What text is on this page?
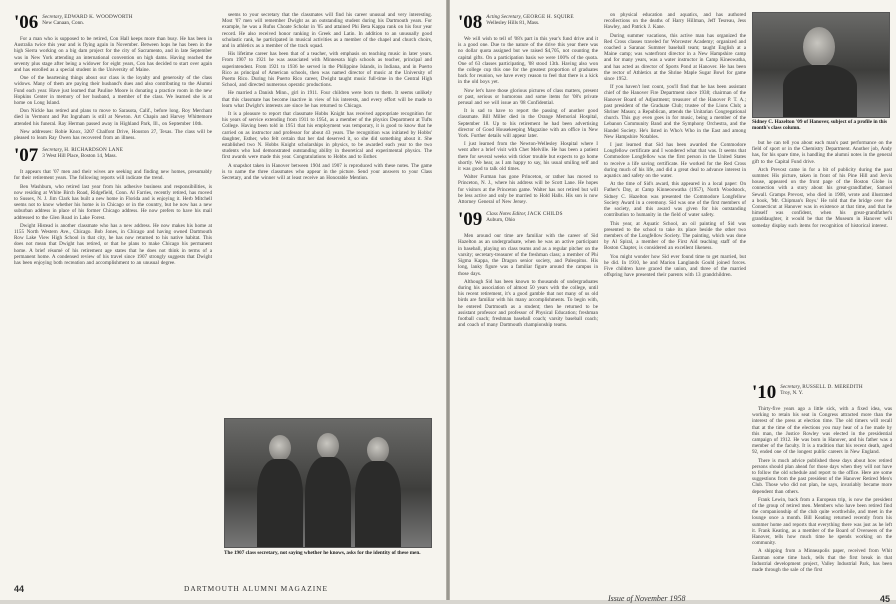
'06 Secretary, EDWARD K. WOODWORTH
New Canaan, Conn.

For a man who is supposed to be retired, Con Hall keeps more than busy. He has been in Australia twice this year and is flying again in November. Between hops he has been in the high Sierra working on a big dam project for the city of Sacramento, and in late September was in New York attending an international convention on high dams. Having reached the seventy plus stage after being a widower for eight years, Con has decided to start over again and has enrolled as a special student in the University of Maine.

One of the heartening things about our class is the loyalty and generosity of the class widows. Many of them are paying their husband's dues and also contributing to the Alumni Fund each year. Have just learned that Pauline Moore is donating a practice room in the new Hopkins Center in memory of her husband, a member of the class. We learned she is at home on Long Island.

Don Nickle has retired and plans to move to Sarasota, Calif., before long. Roy Merchant died in Vermont and Pat Ingraham is still at Newton. Art Chapin and Harvey Whittemore attended his funeral. Ray Herman passed away in Highland Park, Ill., on September 10th.

New addresses: Robie Knox, 3207 Chalfont Drive, Houston 27, Texas. The class will be pleased to learn Ray Owen has recovered from an illness.

'07 Secretary, H. RICHARDSON LANE
3 West Hill Place, Boston 14, Mass.

It appears that '07 men and their wives are seeking and finding new homes, presumably for their retirement years. The following reports will indicate the trend.

Ben Washburn, who retired last year from his adhesive business and responsibilities, is now residing at White Birch Road, Ridgefield, Conn. Al Farries, recently retired, has moved to Sussex, N. J. Jim Clark has built a new home in Florida and is enjoying it. Herb Mitchell seems not to know whether his home is in Chicago or in the country, but he now has a new suburban address in place of his former Chicago address. He now prefers to have his mail addressed to the Glen Road in Lake Forest.

Dwight Histead is another classmate who has a new address. He now makes his home at 1155 North Western Ave., Chicago. Bob Jones, in Chicago and having owned Dartmouth Row Lake View High School in that city, he has now returned to his native habitat. This does not mean that Dwight has retired, or that he plans to make Chicago his permanent home. A brief résumé of his retirement age states that he does not think in terms of a permanent home. A condensed review of his travel since 1907 strongly suggests that Dwight has been enjoying both recreation and accomplishment to an unusual degree.

seems to your secretary that the classmates will find his career unusual and very interesting. Most '07 men will remember Dwight as an outstanding student during his Dartmouth years. For example, he was a Rufus Choate Scholar in '05 and attained Phi Beta Kappa rank on his four year record. He also received honor ranking in Greek and Latin. In addition to an unusually good scholastic rank, he participated in musical activities as a member of the chapel and church choirs, and in athletics as a member of the track squad.

His lifetime career has been that of a teacher, with emphasis on teaching music in later years. From 1907 to 1921 he was associated with Minnesota high schools as teacher, principal and superintendent. From 1921 to 1936 he served in the Philippine Islands, in Indiana, and in Puerto Rico as principal of American schools, then was named director of music at the University of Puerto Rico. During his Puerto Rico career, Dwight taught music full-time in the Central High School, and directed numerous operatic productions.

He married a Danish Minn., girl in 1911. Four children were born to them. It seems unlikely that this classmate has become inactive in view of his interests, and every effort will be made to learn what Dwight's interests are since he has returned to Chicago.

It is a pleasure to report that classmate Hobbs Knight has received appropriate recognition for his years of service extending from 1911 to 1954, as a member of the physics Department at Tufts College. Having been told in 1951 that his employment was temporary, it is good to know that he carried on as instructor and professor for about 43 years. The recognition was initiated by Hobbs' daughter, Esther, who felt certain that her dad deserved it, so she did something about it. She established two N. Hobbs Knight scholarships in physics, to be awarded each year to the two students who had demonstrated outstanding ability in theoretical and experimental physics. The first awards were made this year. Congratulations to Hobbs and to Esther.

A snapshot taken in Hanover between 1904 and 1907 is reproduced with these notes. The game is to name the three classmates who appear in the picture. Send your answers to your Class Secretary, and the winner will at least receive an Honorable Mention.

The 1907 class secretary, not saying whether he knows, asks for the identity of these men.
44	DARTMOUTH ALUMNI MAGAZINE
'08 Acting Secretary, GEORGE H. SQUIRE
Wellesley Hills 81, Mass.

We will wish to tell of '08's part in this year's fund drive and it is a good one. Due to the nature of the drive this year there was no dollar quota assigned but we raised $4,705, not counting the capital gifts. On a participation basis we were 100% of the quota. One of 63 classes participating, '08 stood 13th. Having also won the college cup this one for the greatest proportion of graduates back for reunion, we have every reason to feel that there is a kick in the old boys yet.

Now let's have those glorious pictures of class matters, present or past, serious or humorous and some items for '08's private perusal and we will issue an '08 Confidential.

It is sad to have to report the passing of another good classmate. Bill Miller died in the Orange Memorial Hospital, September 18. Up to his retirement he had been advertising director of Good Housekeeping Magazine with an office in New York. Further details will appear later.

I just learned from the Newton-Wellesley Hospital where I went after a brief visit with Chet Melville. He has been a patient there for several weeks with ticker trouble but expects to go home shortly. We hear, as I am happy to say, his usual smiling self and it was good to talk old times.

Walter Furman has gone Princeton, or rather has moved to Princeton, N. J., where his address will be Scott Lane. He hopes for visitors at the Princeton game. Walter has not retired but will be less active and only be married to Hold Halls. His son is now Attorney General of New Jersey.

'09 Class Notes Editor, JACK CHILDS
Auburn, Ohio

Men around our time are familiar with the career of Sid Hazelton as an undergraduate, when he was an active participant in baseball, playing on class teams and as a regular pitcher on the varsity; secretary-treasurer of the freshman class; a member of Phi Sigma Kappa, the Dragon senior society, and Paleopitus. His long, lanky figure was a familiar figure around the campus in those days.

Although Sid has been known to thousands of undergraduates during his association of almost 50 years with the college, until his recent retirement, it's a good gamble that not many of us old birds are familiar with his many accomplishments. To begin with, he entered Dartmouth as a student; then he returned to be assistant professor and professor of Physical Education; freshman football coach; freshman baseball coach; varsity baseball coach; and coach of many Dartmouth championship teams.

on physical education and aquatics, and has authored recollections on the deaths of Harry Hillman, Jeff Tesreau, Jess Hawley, and Patrick J. Kane.

During summer vacations, this active man has organized the Red Cross classes traveled for Worcester Academy; organized and coached a Saranac Summer baseball team; taught English at a Maine camp; was waterfront director in a New Hampshire camp and for many years, was a water instructor in Camp Kineowatha, and has acted as director of Sports Pond at Hanover. He has been the rector of Athletics at the Shrine Maple Sugar Bowl for game since 1952.

If you haven't lost count, you'll find that he has been assistant chief of the Hanover Fire Department since 1938; chairman of the Hanover Board of Adjustment; treasurer of the Hanover P. T. A.; past president of the Graduate Club; trustee of the Lions Club; a Shriner Mason; a Republican, attends the Unitarian Congregational church. This guy even goes in for music, being a member of the Lebanon Community Band and the Symphony Orchestra, and the Handel Society. He's listed in Who's Who in the East and among New Hampshire Notables.

I just learned that Sid has been awarded the Commodore Longfellow certificate and I wondered what that was. It seems that Commodore Longfellow was the first person in the United States to receive a life saving certificate. He worked for the Red Cross during much of his life, and did a great deal to advance interest in aquatics and safety on the water.

At the time of Sid's award, this appeared in a local paper: On Father's Day, at Camp Kinneoowatha (1957), North Woodstock, Sidney C. Hazelton was presented the Commodore Longfellow Society Award in a ceremony. Sid was one of the first members of the society, and this award was given for his outstanding contribution to humanity in the field of water safety.

This year, at Aquatic School, an oil painting of Sid was presented to the school to take its place beside the other two members of the Longfellow Society. The painting, which was done by Al Spiral, a member of the First Aid teaching staff of the Boston Chapter, is considered an excellent likeness.

You might wonder how Sid ever found time to get married, but he did. In 1910, he and Marion Langlands Gould joined forces. Five children have graced the union, and three of the married offspring have presented their parents with 13 grandchildren.

Sidney C. Hazelton '09 of Hanover, subject of a profile in this month's class column.

but he can tell you about each man's past performance on the field of sport or in the Chemistry Department. Another job, Andy has, for his spare time, is handling the alumni notes in the general gift to the Capital Fund drive.

Arch Prevost came in for a bit of publicity during the past summer. His picture, taken in front of his Pine Hill and Jervis house, appeared on the front page of the Boston Globe in connection with a story about his great-grandfather, Samuel Sewall. Gramps Prevost, who died in 1908, wrote and illustrated a book, 'Mr. Chipman's Boys.' He told that the bridge over the Connecticut at Hanover was in existence at that time, and that he himself was confident, when his great-grandfather's granddaughter, it would be that the Museum in Hanover will someday display such items for recognition of historical interest.

'10 Secretary, RUSSELL D. MEREDITH
Troy, N. Y.

Thirty-five years ago a little sick, with a fixed idea, was working to retain his seat in Congress attracted more than the interest of the press at election time. The old timers will recall that at the time of the elections you may hear of a foe made by this man, the Justice Rowley was elected in the presidential campaign of 1912. He was born in Hanover, and his father was a member of the faculty. It is a tradition that his recent death, aged 92, ended one of the longest public careers in New England.

There is much advice published these days about how retired persons should plan ahead for those days when they will not have to follow the old schedule and report to the office. Here are some suggestions from the past president of the Hanover Retired Men's Club. Those who did not plan, he says, invariably became more dependent than others.

Frank Lewin, back from a European trip, is now the president of the group of retired men. Members who have been retired find the companionship of the club quite worthwhile, and meet in the lounge once a month. Bill Keating returned recently from his summer home and reports that everything there was just as he left it. Frank Keating, as a member of the Board of Overseers of the Hanover, tells how much time he spends working on the community.

A shipping from a Minneapolis paper, received from Whit Eastman some time back, tells that the first break in that Industrial development project, Valley Industrial Park, has been made through the sale of the first

Issue of November 1958	45
